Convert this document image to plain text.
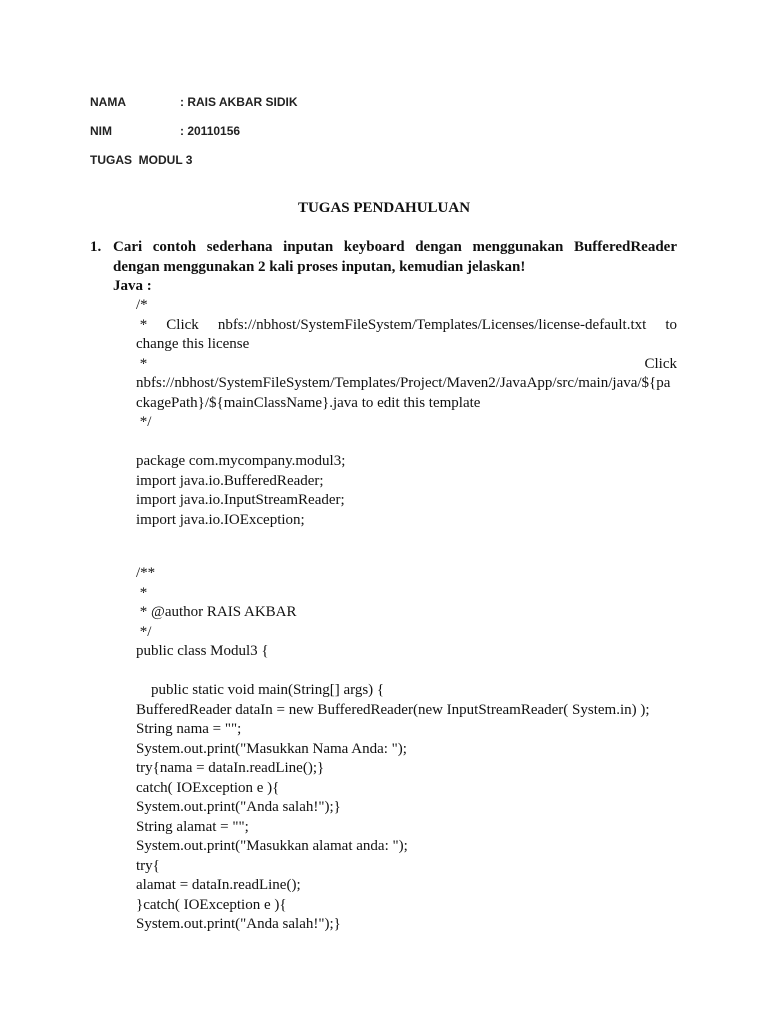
NAMA	: RAIS AKBAR SIDIK
NIM	: 20110156
TUGAS  MODUL 3
TUGAS PENDAHULUAN
1. Cari contoh sederhana inputan keyboard dengan menggunakan BufferedReader dengan menggunakan 2 kali proses inputan, kemudian jelaskan!
Java :
/*
* Click nbfs://nbhost/SystemFileSystem/Templates/Licenses/license-default.txt to
change this license
*	Click
nbfs://nbhost/SystemFileSystem/Templates/Project/Maven2/JavaApp/src/main/java/${pa
ckagePath}/${mainClassName}.java to edit this template
*/
package com.mycompany.modul3;
import java.io.BufferedReader;
import java.io.InputStreamReader;
import java.io.IOException;
/**
*
* @author RAIS AKBAR
*/
public class Modul3 {
public static void main(String[] args) {
BufferedReader dataIn = new BufferedReader(new InputStreamReader( System.in) );
String nama = "";
System.out.print("Masukkan Nama Anda: ");
try{nama = dataIn.readLine();}
catch( IOException e ){
System.out.print("Anda salah!");}
String alamat = "";
System.out.print("Masukkan alamat anda: ");
try{
alamat = dataIn.readLine();
}catch( IOException e ){
System.out.print("Anda salah!");}
